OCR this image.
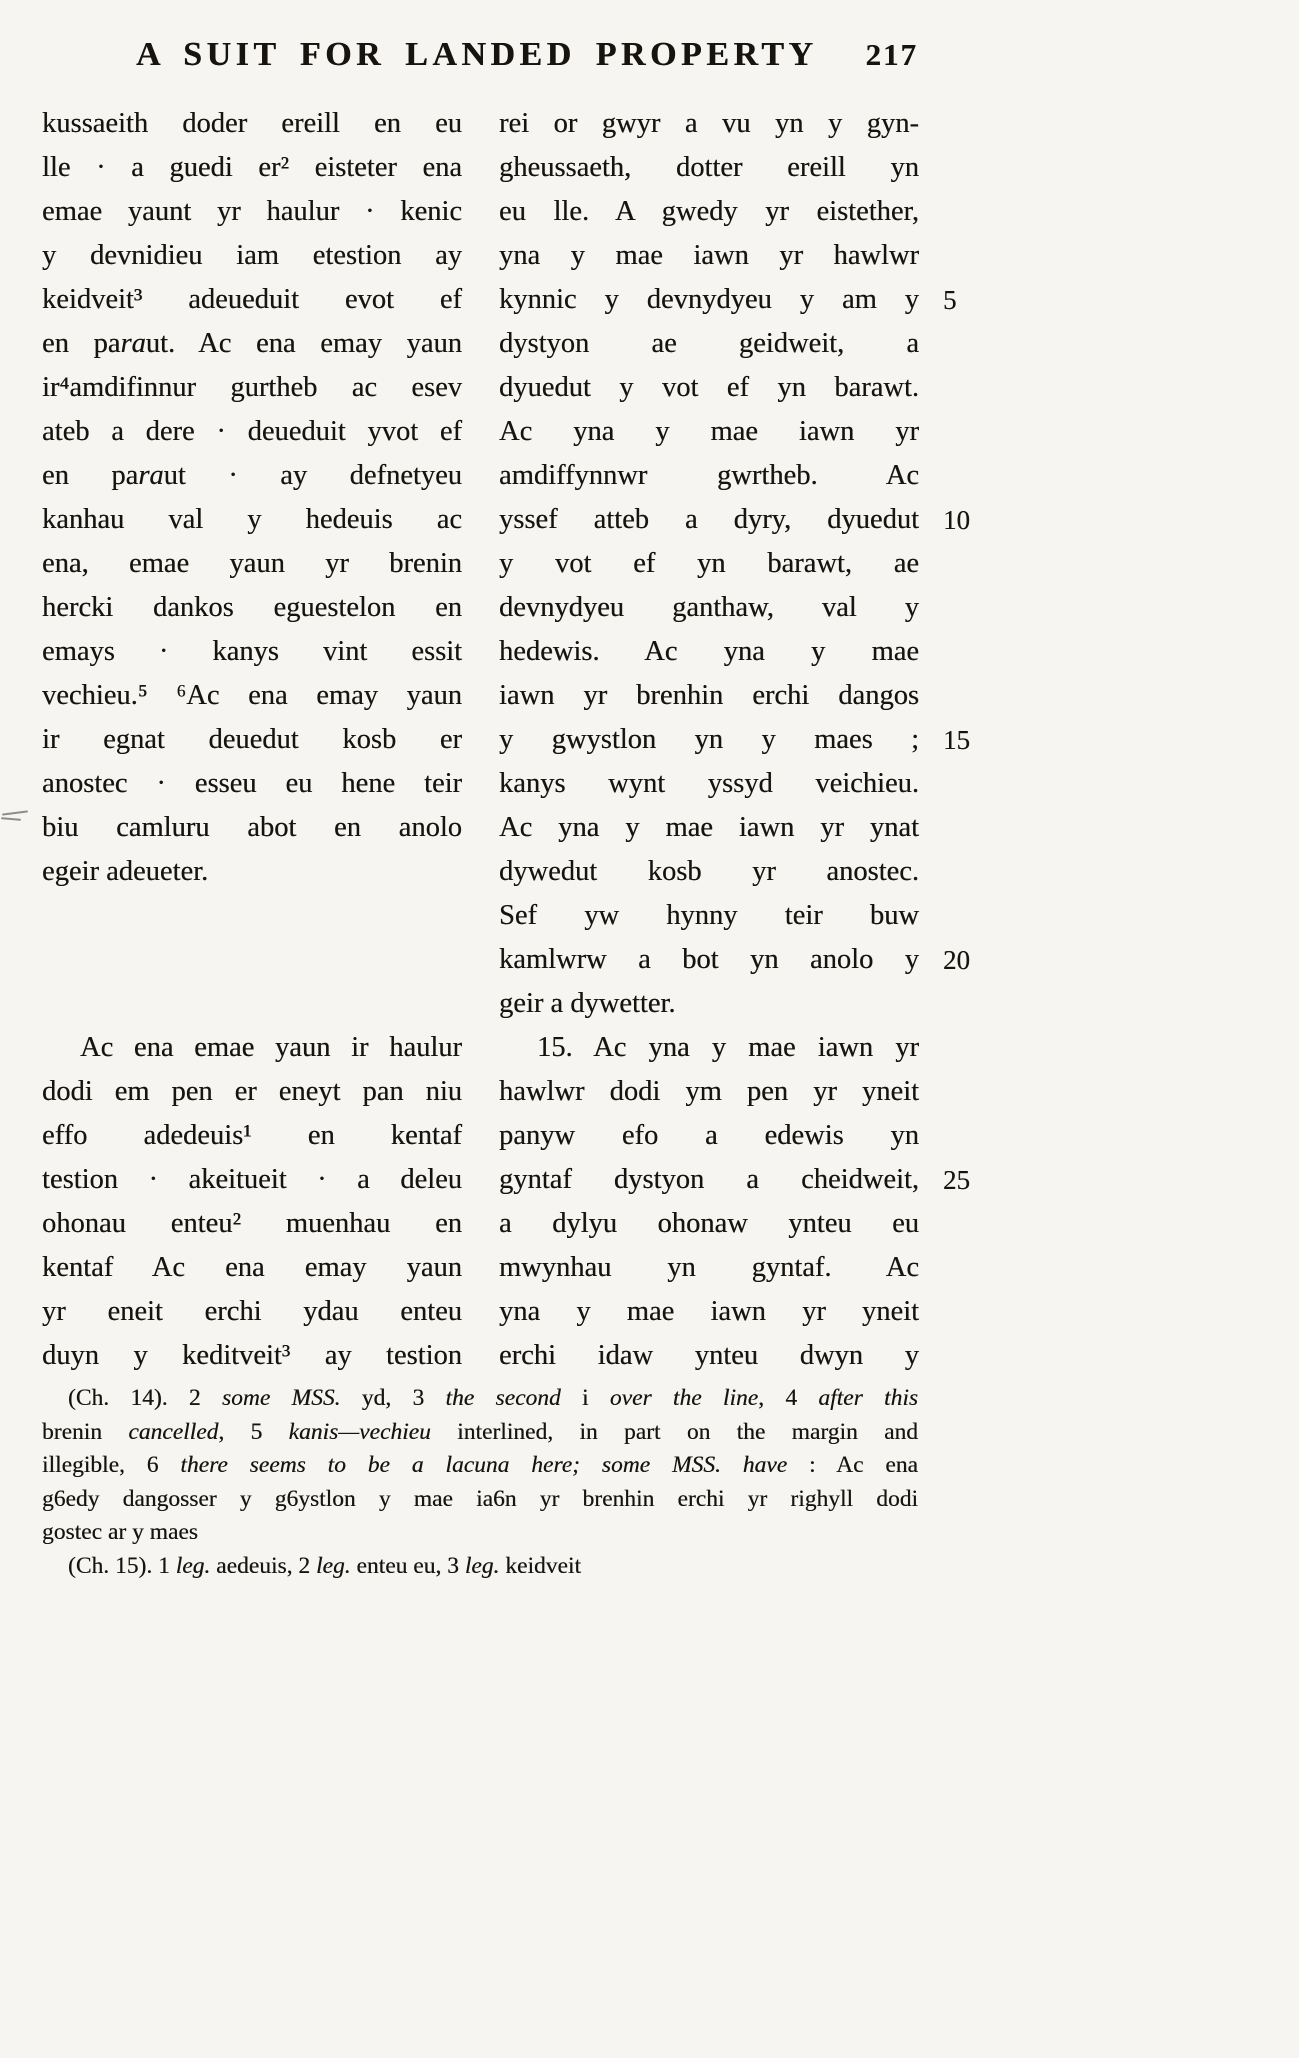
A SUIT FOR LANDED PROPERTY	217
kussaeith doder ereill en eu
lle · a guedi er² eisteter ena
emae yaunt yr haulur · kenic
y devnidieu iam etestion ay
keidveit³ adeueduit evot ef
en paraut. Ac ena emay yaun
ir⁴amdifinnur gurtheb ac esev
ateb a dere · deueduit yvot ef
en paraut · ay defnetyeu
kanhau val y hedeuis ac
ena, emae yaun yr brenin
hercki dankos eguestelon en
emays · kanys vint essit
vechieu.⁵ ⁶Ac ena emay yaun
ir egnat deuedut kosb er
anostec · esseu eu hene teir
biu camluru abot en anolo
egeir adeueter.
Ac ena emae yaun ir haulur
dodi em pen er eneyt pan niu
effo adedeuis¹ en kentaf
testion · akeitueit · a deleu
ohonau enteu² muenhau en
kentaf Ac ena emay yaun
yr eneit erchi ydau enteu
duyn y keditveit³ ay testion
rei or gwyr a vu yn y gyn-
gheussaeth, dotter ereill yn
eu lle. A gwedy yr eistether,
yna y mae iawn yr hawlwr
kynnic y devnydyeu y am y 5
dystyon ae geidweit, a
dyuedut y vot ef yn barawt.
Ac yna y mae iawn yr
amdiffynnwr gwrtheb. Ac
yssef atteb a dyry, dyuedut 10
y vot ef yn barawt, ae
devnydyeu ganthaw, val y
hedewis. Ac yna y mae
iawn yr brenhin erchi dangos
y gwystlon yn y maes ; 15
kanys wynt yssyd veichieu.
Ac yna y mae iawn yr ynat
dywedut kosb yr anostec.
Sef yw hynny teir buw
kamlwrw a bot yn anolo y 20
geir a dywetter.
15. Ac yna y mae iawn yr
hawlwr dodi ym pen yr yneit
panyw efo a edewis yn
gyntaf dystyon a cheidweit, 25
a dylyu ohonaw ynteu eu
mwynhau yn gyntaf. Ac
yna y mae iawn yr yneit
erchi idaw ynteu dwyn y
(Ch. 14). 2 some MSS. yd, 3 the second i over the line, 4 after this
brenin cancelled, 5 kanis—vechieu interlined, in part on the margin and
illegible, 6 there seems to be a lacuna here; some MSS. have : Ac ena
g6edy dangosser y g6ystlon y mae ia6n yr brenhin erchi yr righyll dodi
gostec ar y maes
(Ch. 15). 1 leg. aedeuis, 2 leg. enteu eu, 3 leg. keidveit
